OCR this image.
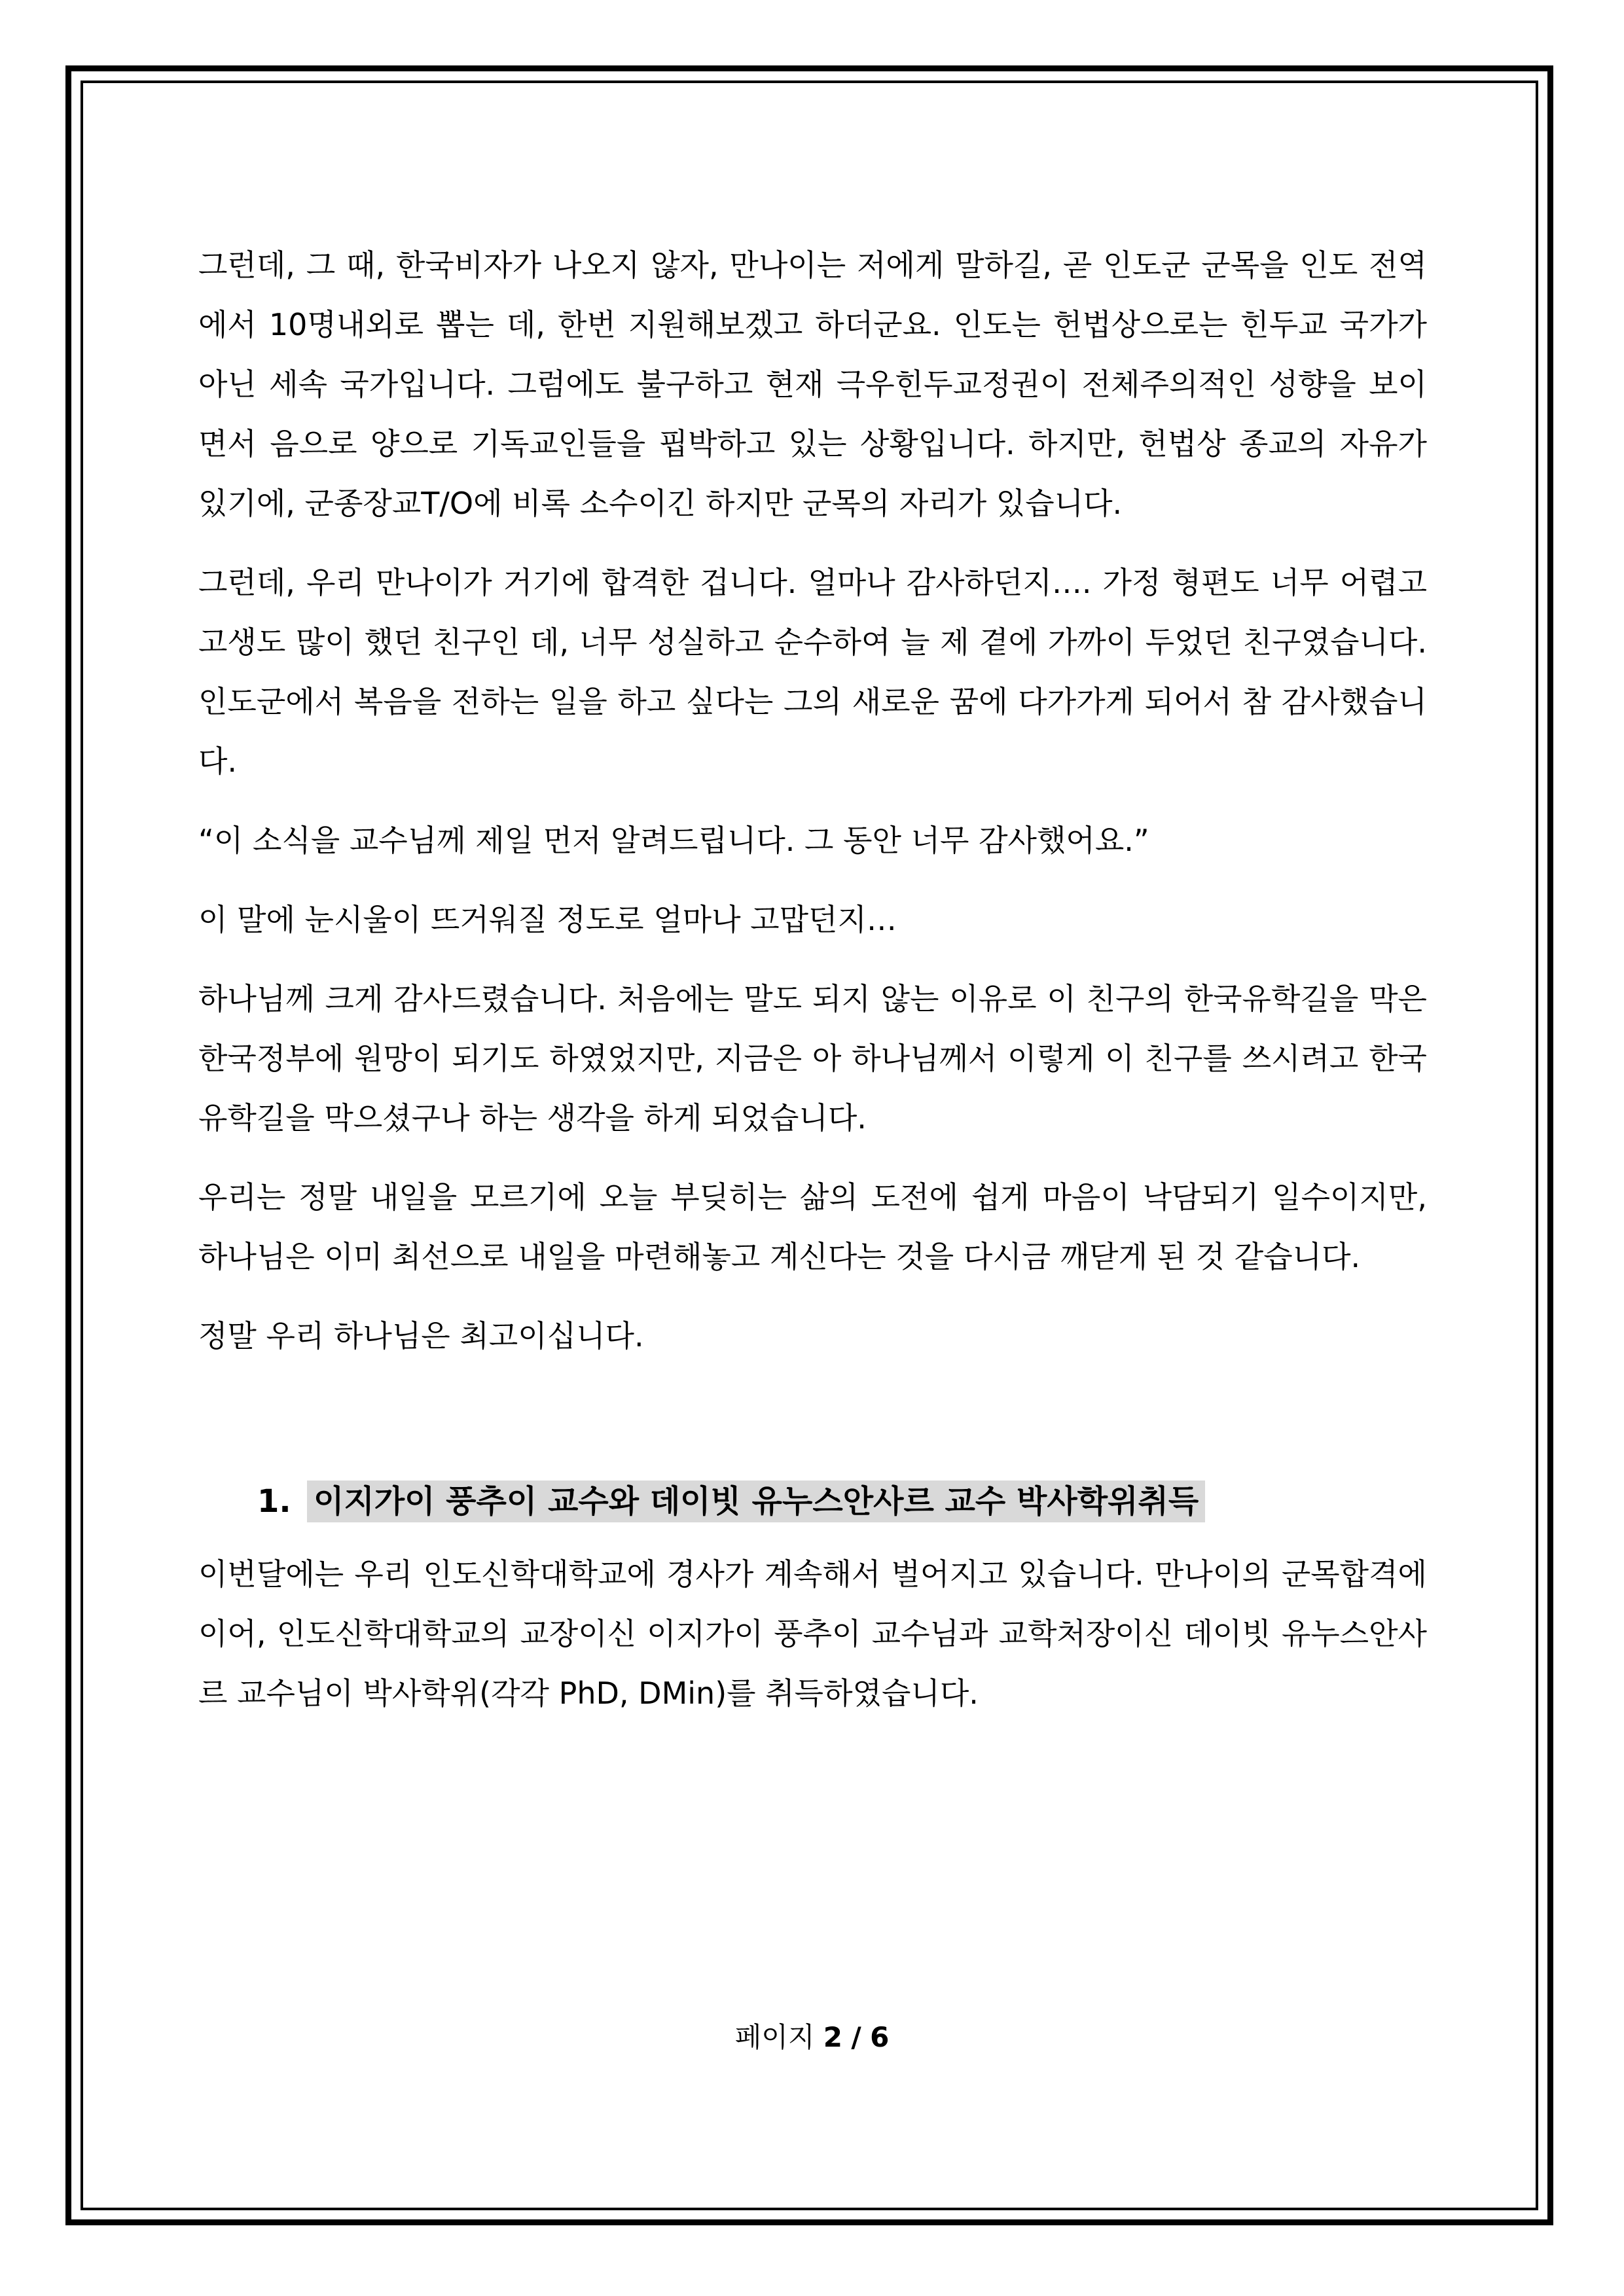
그런데, 그 때, 한국비자가 나오지 않자, 만나이는 저에게 말하길, 곧 인도군 군목을 인도 전역에서 10명내외로 뽑는 데, 한번 지원해보겠고 하더군요. 인도는 헌법상으로는 힌두교 국가가 아닌 세속 국가입니다. 그럼에도 불구하고 현재 극우힌두교정권이 전체주의적인 성향을 보이면서 음으로 양으로 기독교인들을 핍박하고 있는 상황입니다. 하지만, 헌법상 종교의 자유가 있기에, 군종장교T/O에 비록 소수이긴 하지만 군목의 자리가 있습니다.

그런데, 우리 만나이가 거기에 합격한 겁니다. 얼마나 감사하던지…. 가정 형편도 너무 어렵고 고생도 많이 했던 친구인 데, 너무 성실하고 순수하여 늘 제 곁에 가까이 두었던 친구였습니다. 인도군에서 복음을 전하는 일을 하고 싶다는 그의 새로운 꿈에 다가가게 되어서 참 감사했습니다.

“이 소식을 교수님께 제일 먼저 알려드립니다. 그 동안 너무 감사했어요.”

이 말에 눈시울이 뜨거워질 정도로 얼마나 고맙던지…

하나님께 크게 감사드렸습니다. 처음에는 말도 되지 않는 이유로 이 친구의 한국유학길을 막은 한국정부에 원망이 되기도 하였었지만, 지금은 아 하나님께서 이렇게 이 친구를 쓰시려고 한국 유학길을 막으셨구나 하는 생각을 하게 되었습니다.

우리는 정말 내일을 모르기에 오늘 부딪히는 삶의 도전에 쉽게 마음이 낙담되기 일수이지만, 하나님은 이미 최선으로 내일을 마련해놓고 계신다는 것을 다시금 깨닫게 된 것 같습니다.

정말 우리 하나님은 최고이십니다.

1. 이지가이 풍추이 교수와 데이빗 유누스안사르 교수 박사학위취득

이번달에는 우리 인도신학대학교에 경사가 계속해서 벌어지고 있습니다. 만나이의 군목합격에 이어, 인도신학대학교의 교장이신 이지가이 풍추이 교수님과 교학처장이신 데이빗 유누스안사르 교수님이 박사학위(각각 PhD, DMin)를 취득하였습니다.

페이지 2 / 6
